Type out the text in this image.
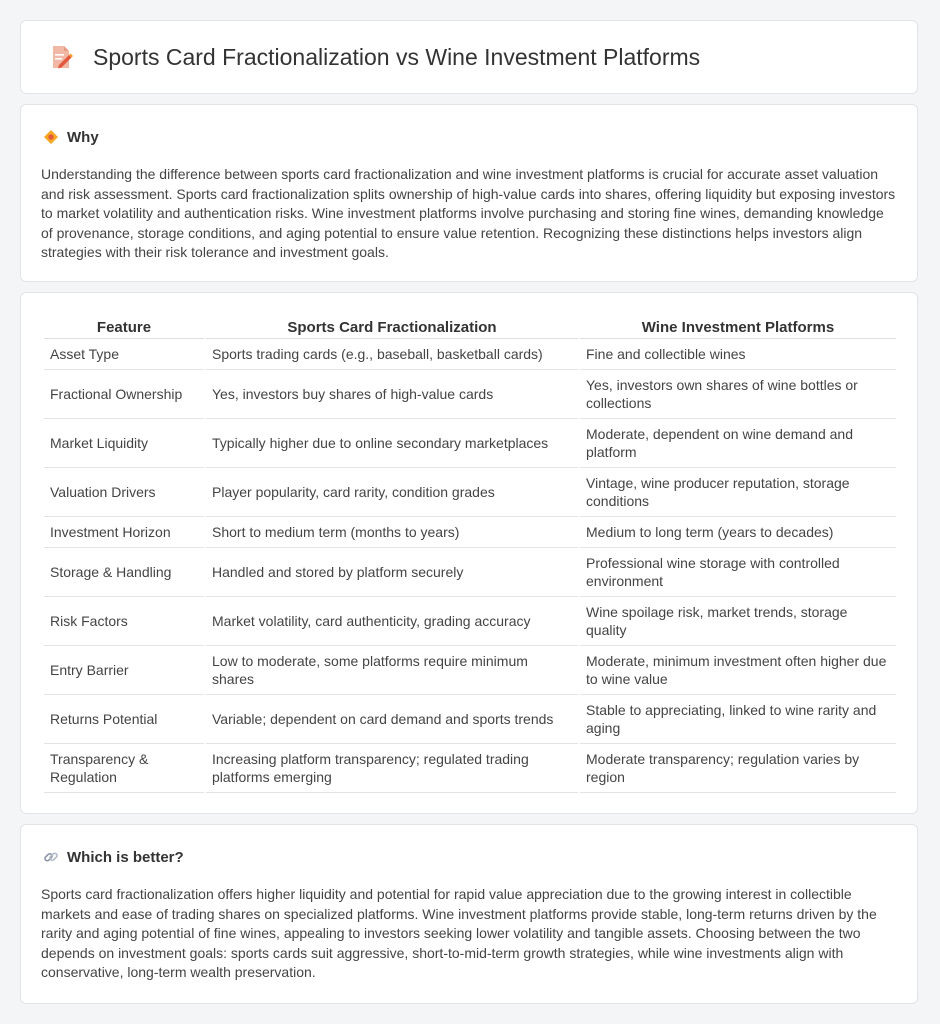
Sports Card Fractionalization vs Wine Investment Platforms
Why

Understanding the difference between sports card fractionalization and wine investment platforms is crucial for accurate asset valuation and risk assessment. Sports card fractionalization splits ownership of high-value cards into shares, offering liquidity but exposing investors to market volatility and authentication risks. Wine investment platforms involve purchasing and storing fine wines, demanding knowledge of provenance, storage conditions, and aging potential to ensure value retention. Recognizing these distinctions helps investors align strategies with their risk tolerance and investment goals.

Feature	Sports Card Fractionalization	Wine Investment Platforms
Asset Type	Sports trading cards (e.g., baseball, basketball cards)	Fine and collectible wines
Fractional Ownership	Yes, investors buy shares of high-value cards	Yes, investors own shares of wine bottles or collections
Market Liquidity	Typically higher due to online secondary marketplaces	Moderate, dependent on wine demand and platform
Valuation Drivers	Player popularity, card rarity, condition grades	Vintage, wine producer reputation, storage conditions
Investment Horizon	Short to medium term (months to years)	Medium to long term (years to decades)
Storage & Handling	Handled and stored by platform securely	Professional wine storage with controlled environment
Risk Factors	Market volatility, card authenticity, grading accuracy	Wine spoilage risk, market trends, storage quality
Entry Barrier	Low to moderate, some platforms require minimum shares	Moderate, minimum investment often higher due to wine value
Returns Potential	Variable; dependent on card demand and sports trends	Stable to appreciating, linked to wine rarity and aging
Transparency & Regulation	Increasing platform transparency; regulated trading platforms emerging	Moderate transparency; regulation varies by region
Which is better?

Sports card fractionalization offers higher liquidity and potential for rapid value appreciation due to the growing interest in collectible markets and ease of trading shares on specialized platforms. Wine investment platforms provide stable, long-term returns driven by the rarity and aging potential of fine wines, appealing to investors seeking lower volatility and tangible assets. Choosing between the two depends on investment goals: sports cards suit aggressive, short-to-mid-term growth strategies, while wine investments align with conservative, long-term wealth preservation.
